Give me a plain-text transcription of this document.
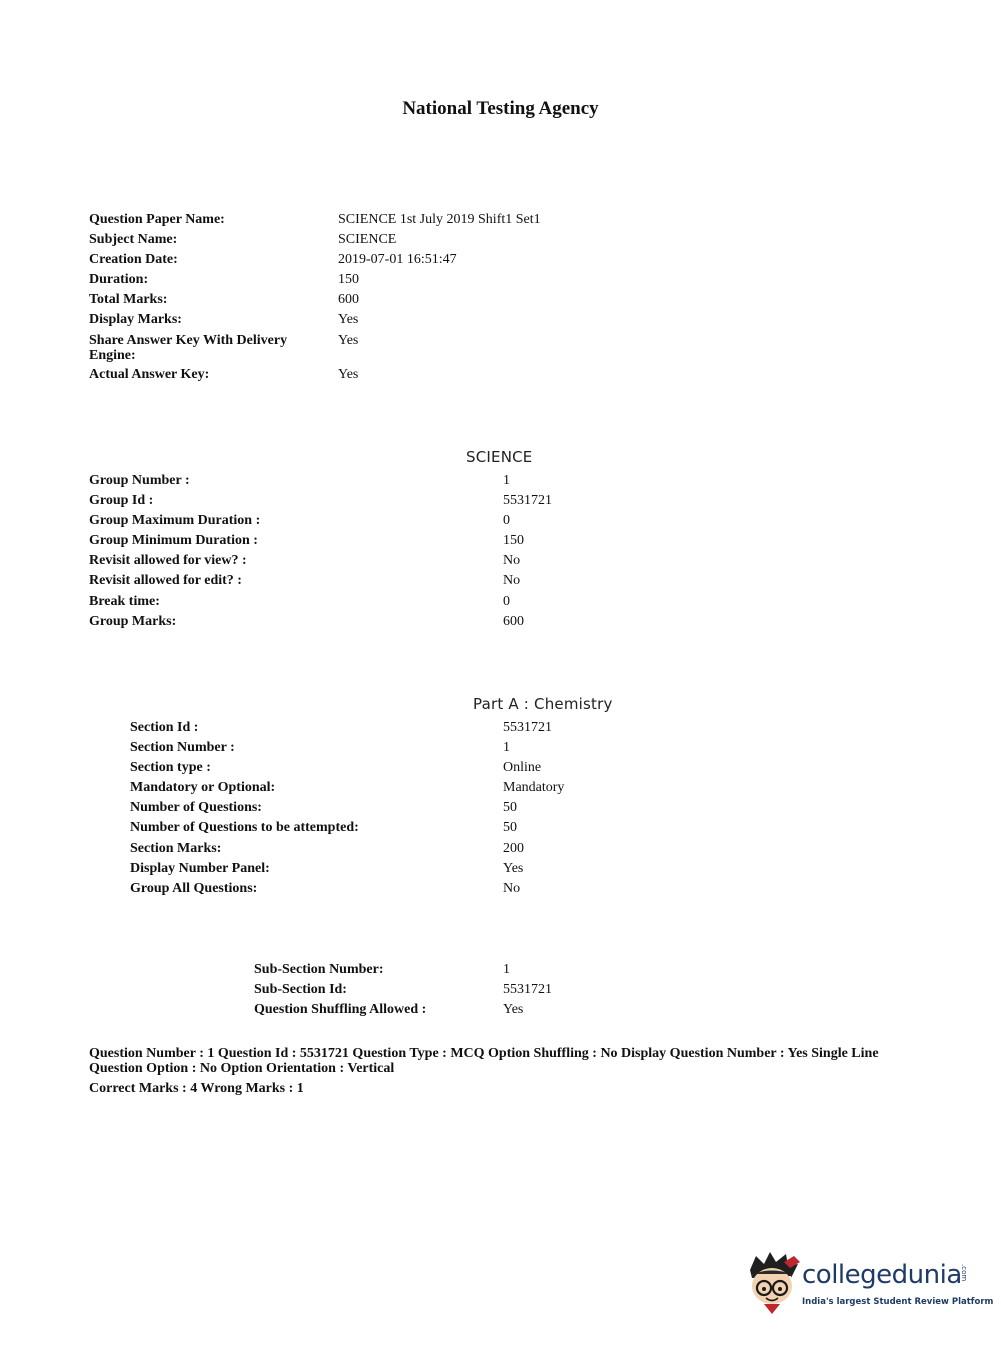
National Testing Agency
Question Paper Name:	SCIENCE 1st July 2019 Shift1 Set1
Subject Name:	SCIENCE
Creation Date:	2019-07-01 16:51:47
Duration:	150
Total Marks:	600
Display Marks:	Yes
Share Answer Key With Delivery Engine:
Yes
Actual Answer Key:	Yes
SCIENCE
Group Number :	1
Group Id :	5531721
Group Maximum Duration :	0
Group Minimum Duration :	150
Revisit allowed for view? :	No
Revisit allowed for edit? :	No
Break time:	0
Group Marks:	600
Part A : Chemistry
Section Id :	5531721
Section Number :	1
Section type :	Online
Mandatory or Optional:	Mandatory
Number of Questions:	50
Number of Questions to be attempted:	50
Section Marks:	200
Display Number Panel:	Yes
Group All Questions:	No
Sub-Section Number:	1
Sub-Section Id:	5531721
Question Shuffling Allowed :	Yes
Question Number : 1 Question Id : 5531721 Question Type : MCQ Option Shuffling : No Display Question Number : Yes Single Line Question Option : No Option Orientation : Vertical
Correct Marks : 4 Wrong Marks : 1
collegedunia
.com
India's largest Student Review Platform
